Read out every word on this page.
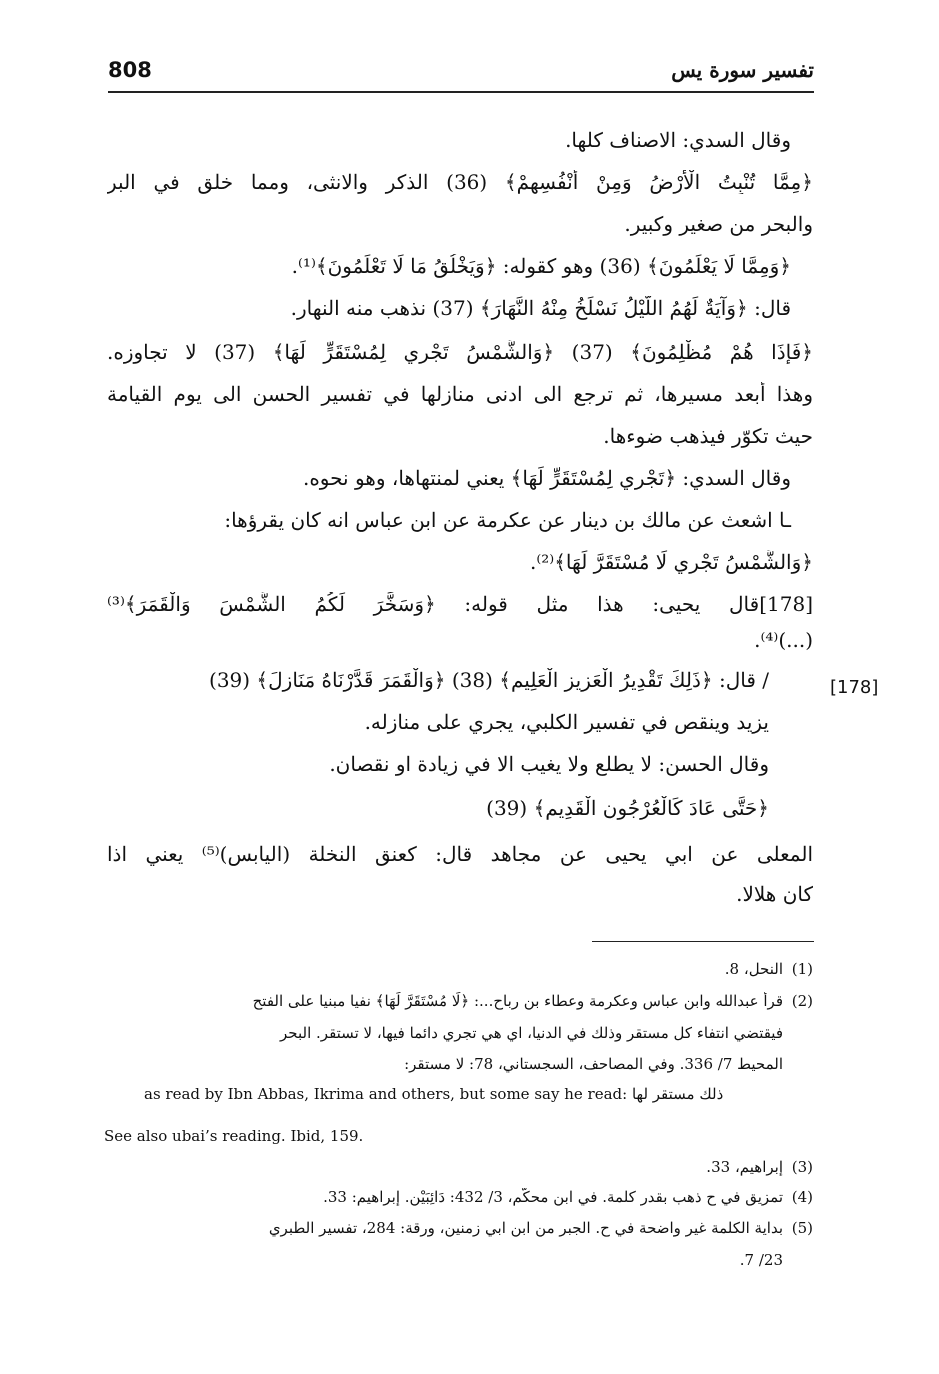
808	تفسير سورة يس
[178]
وقال السدي: الاصناف كلها.
﴿مِمَّا تُنْبِتُ الْأَرْضُ وَمِنْ أَنْفُسِهِمْ﴾ (36) الذكر والانثى، ومما خلق في البر
والبحر من صغير وكبير.
﴿وَمِمَّا لَا يَعْلَمُونَ﴾ (36) وهو كقوله: ﴿وَيَخْلُقُ مَا لَا تَعْلَمُونَ﴾⁽¹⁾.
قال: ﴿وَآيَةٌ لَهُمُ اللَّيْلُ نَسْلَخُ مِنْهُ النَّهَارَ﴾ (37) نذهب منه النهار.
﴿فَإِذَا هُمْ مُظْلِمُونَ﴾ (37) ﴿وَالشَّمْسُ تَجْرِي لِمُسْتَقَرٍّ لَهَا﴾ (37) لا تجاوزه.
وهذا أبعد مسيرها، ثم ترجع الى ادنى منازلها في تفسير الحسن الى يوم القيامة
حيث تكوّر فيذهب ضوءها.
وقال السدي: ﴿تَجْرِي لِمُسْتَقَرٍّ لَهَا﴾ يعني لمنتهاها، وهو نحوه.
ـا اشعث عن مالك بن دينار عن عكرمة عن ابن عباس انه كان يقرؤها:
﴿وَالشَّمْسُ تَجْرِي لَا مُسْتَقَرَّ لَهَا﴾⁽²⁾.
[178]قال يحيى: هذا مثل قوله: ﴿وَسَخَّرَ لَكُمُ الشَّمْسَ وَالْقَمَرَ﴾⁽³⁾
(...)⁽⁴⁾.
/ قال: ﴿ذَلِكَ تَقْدِيرُ الْعَزِيزِ الْعَلِيمِ﴾ (38) ﴿وَالْقَمَرَ قَدَّرْنَاهُ مَنَازِلَ﴾ (39)
يزيد وينقص في تفسير الكلبي، يجري على منازله.
وقال الحسن: لا يطلع ولا يغيب الا في زيادة او نقصان.
﴿حَتَّى عَادَ كَالْعُرْجُونِ الْقَدِيمِ﴾ (39)
المعلى عن ابي يحيى عن مجاهد قال: كعنق النخلة (اليابس)⁽⁵⁾ يعني اذا
كان هلالا.
(1)النحل، 8.
(2)قرأ عبدالله وابن عباس وعكرمة وعطاء بن رباح...: ﴿لَا مُسْتَقَرَّ لَهَا﴾ نفيا مبنيا على الفتح
فيقتضي انتفاء كل مستقر وذلك في الدنيا، اي هي تجري دائما فيها، لا تستقر. البحر
المحيط 7/ 336. وفي المصاحف، السجستاني، 78: لا مستقر:
as read by Ibn Abbas, Ikrima and others, but some say he read: ذلك مستقر لها
See also ubai’s reading. Ibid, 159.
(3)إبراهيم، 33.
(4)تمزيق في ح ذهب بقدر كلمة. في ابن محكّم، 3/ 432: دَائِبَيْنِ. إبراهيم: 33.
(5)بداية الكلمة غير واضحة في ح. الجبر من ابن ابي زمنين، ورقة: 284، تفسير الطبري
23/ 7.
